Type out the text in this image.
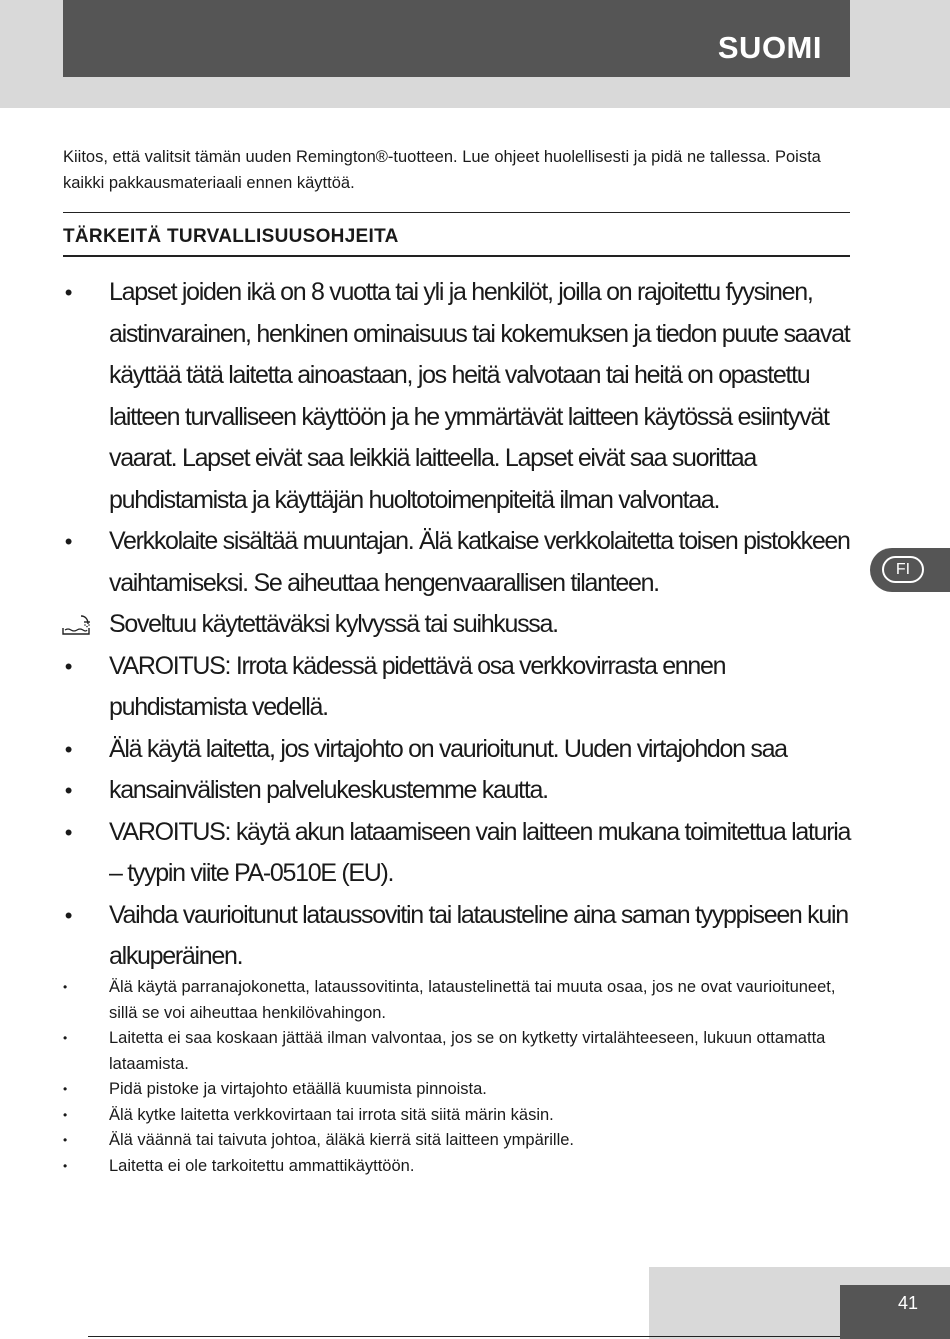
SUOMI
Kiitos, että valitsit tämän uuden Remington®-tuotteen. Lue ohjeet huolellisesti ja pidä ne tallessa. Poista kaikki pakkausmateriaali ennen käyttöä.
TÄRKEITÄ TURVALLISUUSOHJEITA
• Lapset joiden ikä on 8 vuotta tai yli ja henkilöt, joilla on rajoitettu fyysinen, aistinvarainen, henkinen ominaisuus tai kokemuksen ja tiedon puute saavat käyttää tätä laitetta ainoastaan, jos heitä valvotaan tai heitä on opastettu laitteen turvalliseen käyttöön ja he ymmärtävät laitteen käytössä esiintyvät vaarat. Lapset eivät saa leikkiä laitteella. Lapset eivät saa suorittaa puhdistamista ja käyttäjän huoltotoimenpiteitä ilman valvontaa.
• Verkkolaite sisältää muuntajan. Älä katkaise verkkolaitetta toisen pistokkeen vaihtamiseksi. Se aiheuttaa hengenvaarallisen tilanteen.
Soveltuu käytettäväksi kylvyssä tai suihkussa.
• VAROITUS: Irrota kädessä pidettävä osa verkkovirrasta ennen puhdistamista vedellä.
• Älä käytä laitetta, jos virtajohto on vaurioitunut. Uuden virtajohdon saa
• kansainvälisten palvelukeskustemme kautta.
• VAROITUS: käytä akun lataamiseen vain laitteen mukana toimitettua laturia – tyypin viite PA-0510E (EU).
• Vaihda vaurioitunut lataussovitin tai latausteline aina saman tyyppiseen kuin alkuperäinen.
•	Älä käytä parranajokonetta, lataussovitinta, lataustelinettä tai muuta osaa, jos ne ovat vaurioituneet, sillä se voi aiheuttaa henkilövahingon.
•	Laitetta ei saa koskaan jättää ilman valvontaa, jos se on kytketty virtalähteeseen, lukuun ottamatta lataamista.
•	Pidä pistoke ja virtajohto etäällä kuumista pinnoista.
•	Älä kytke laitetta verkkovirtaan tai irrota sitä siitä märin käsin.
•	Älä väännä tai taivuta johtoa, äläkä kierrä sitä laitteen ympärille.
•	Laitetta ei ole tarkoitettu ammattikäyttöön.
FI
41
